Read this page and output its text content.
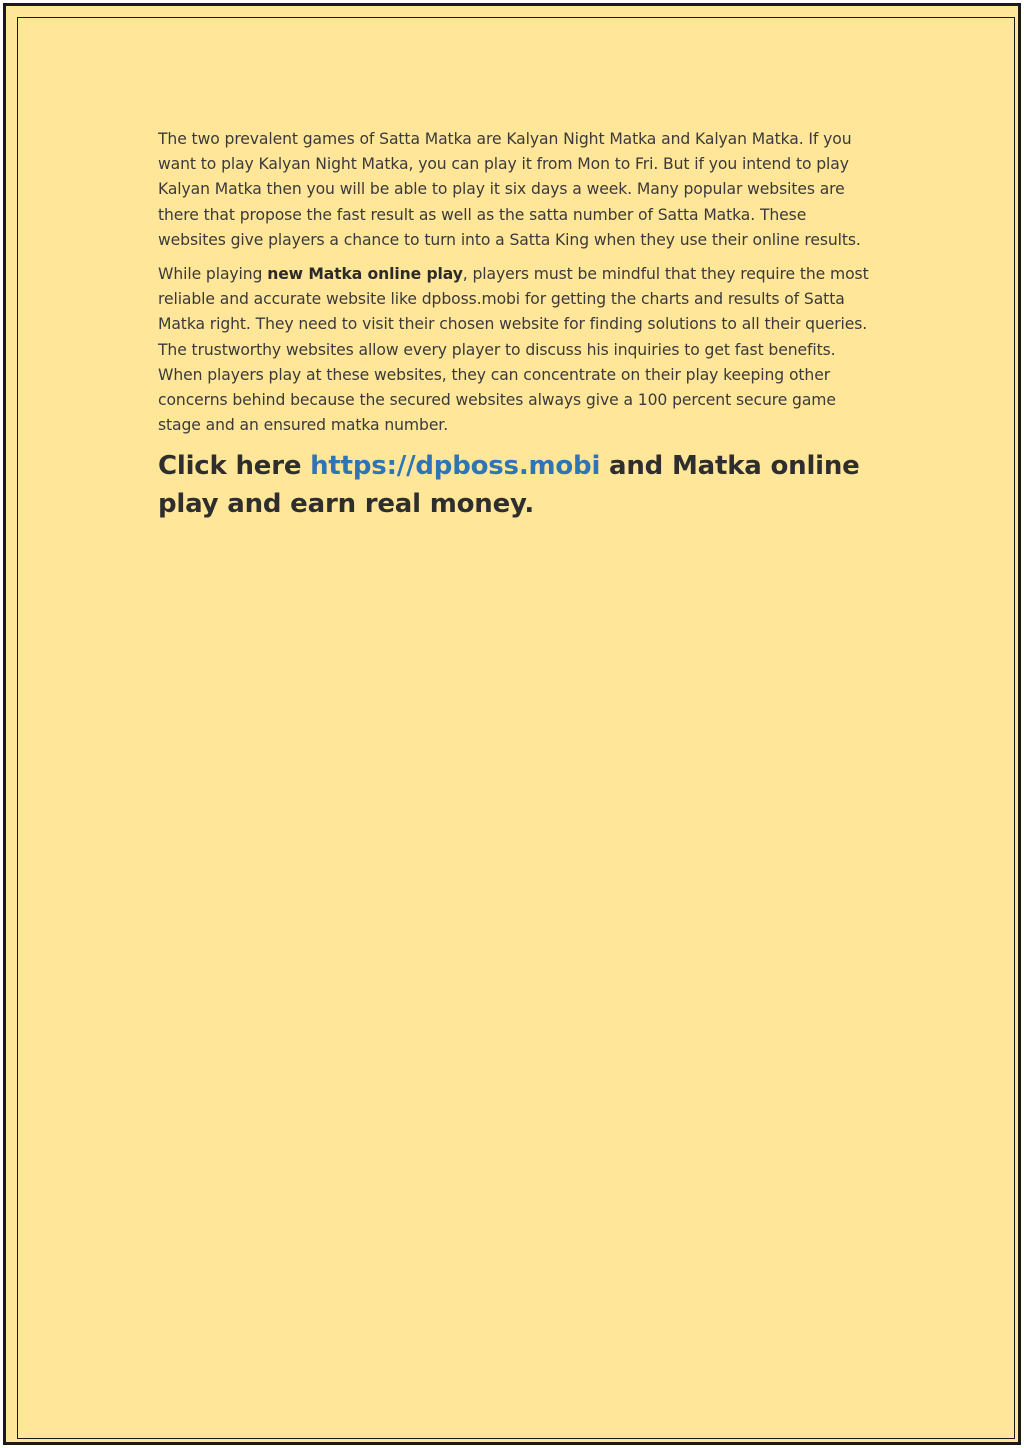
The two prevalent games of Satta Matka are Kalyan Night Matka and Kalyan Matka. If you want to play Kalyan Night Matka, you can play it from Mon to Fri. But if you intend to play Kalyan Matka then you will be able to play it six days a week. Many popular websites are there that propose the fast result as well as the satta number of Satta Matka. These websites give players a chance to turn into a Satta King when they use their online results.

While playing new Matka online play, players must be mindful that they require the most reliable and accurate website like dpboss.mobi for getting the charts and results of Satta Matka right. They need to visit their chosen website for finding solutions to all their queries. The trustworthy websites allow every player to discuss his inquiries to get fast benefits. When players play at these websites, they can concentrate on their play keeping other concerns behind because the secured websites always give a 100 percent secure game stage and an ensured matka number.

Click here https://dpboss.mobi and Matka online play and earn real money.
